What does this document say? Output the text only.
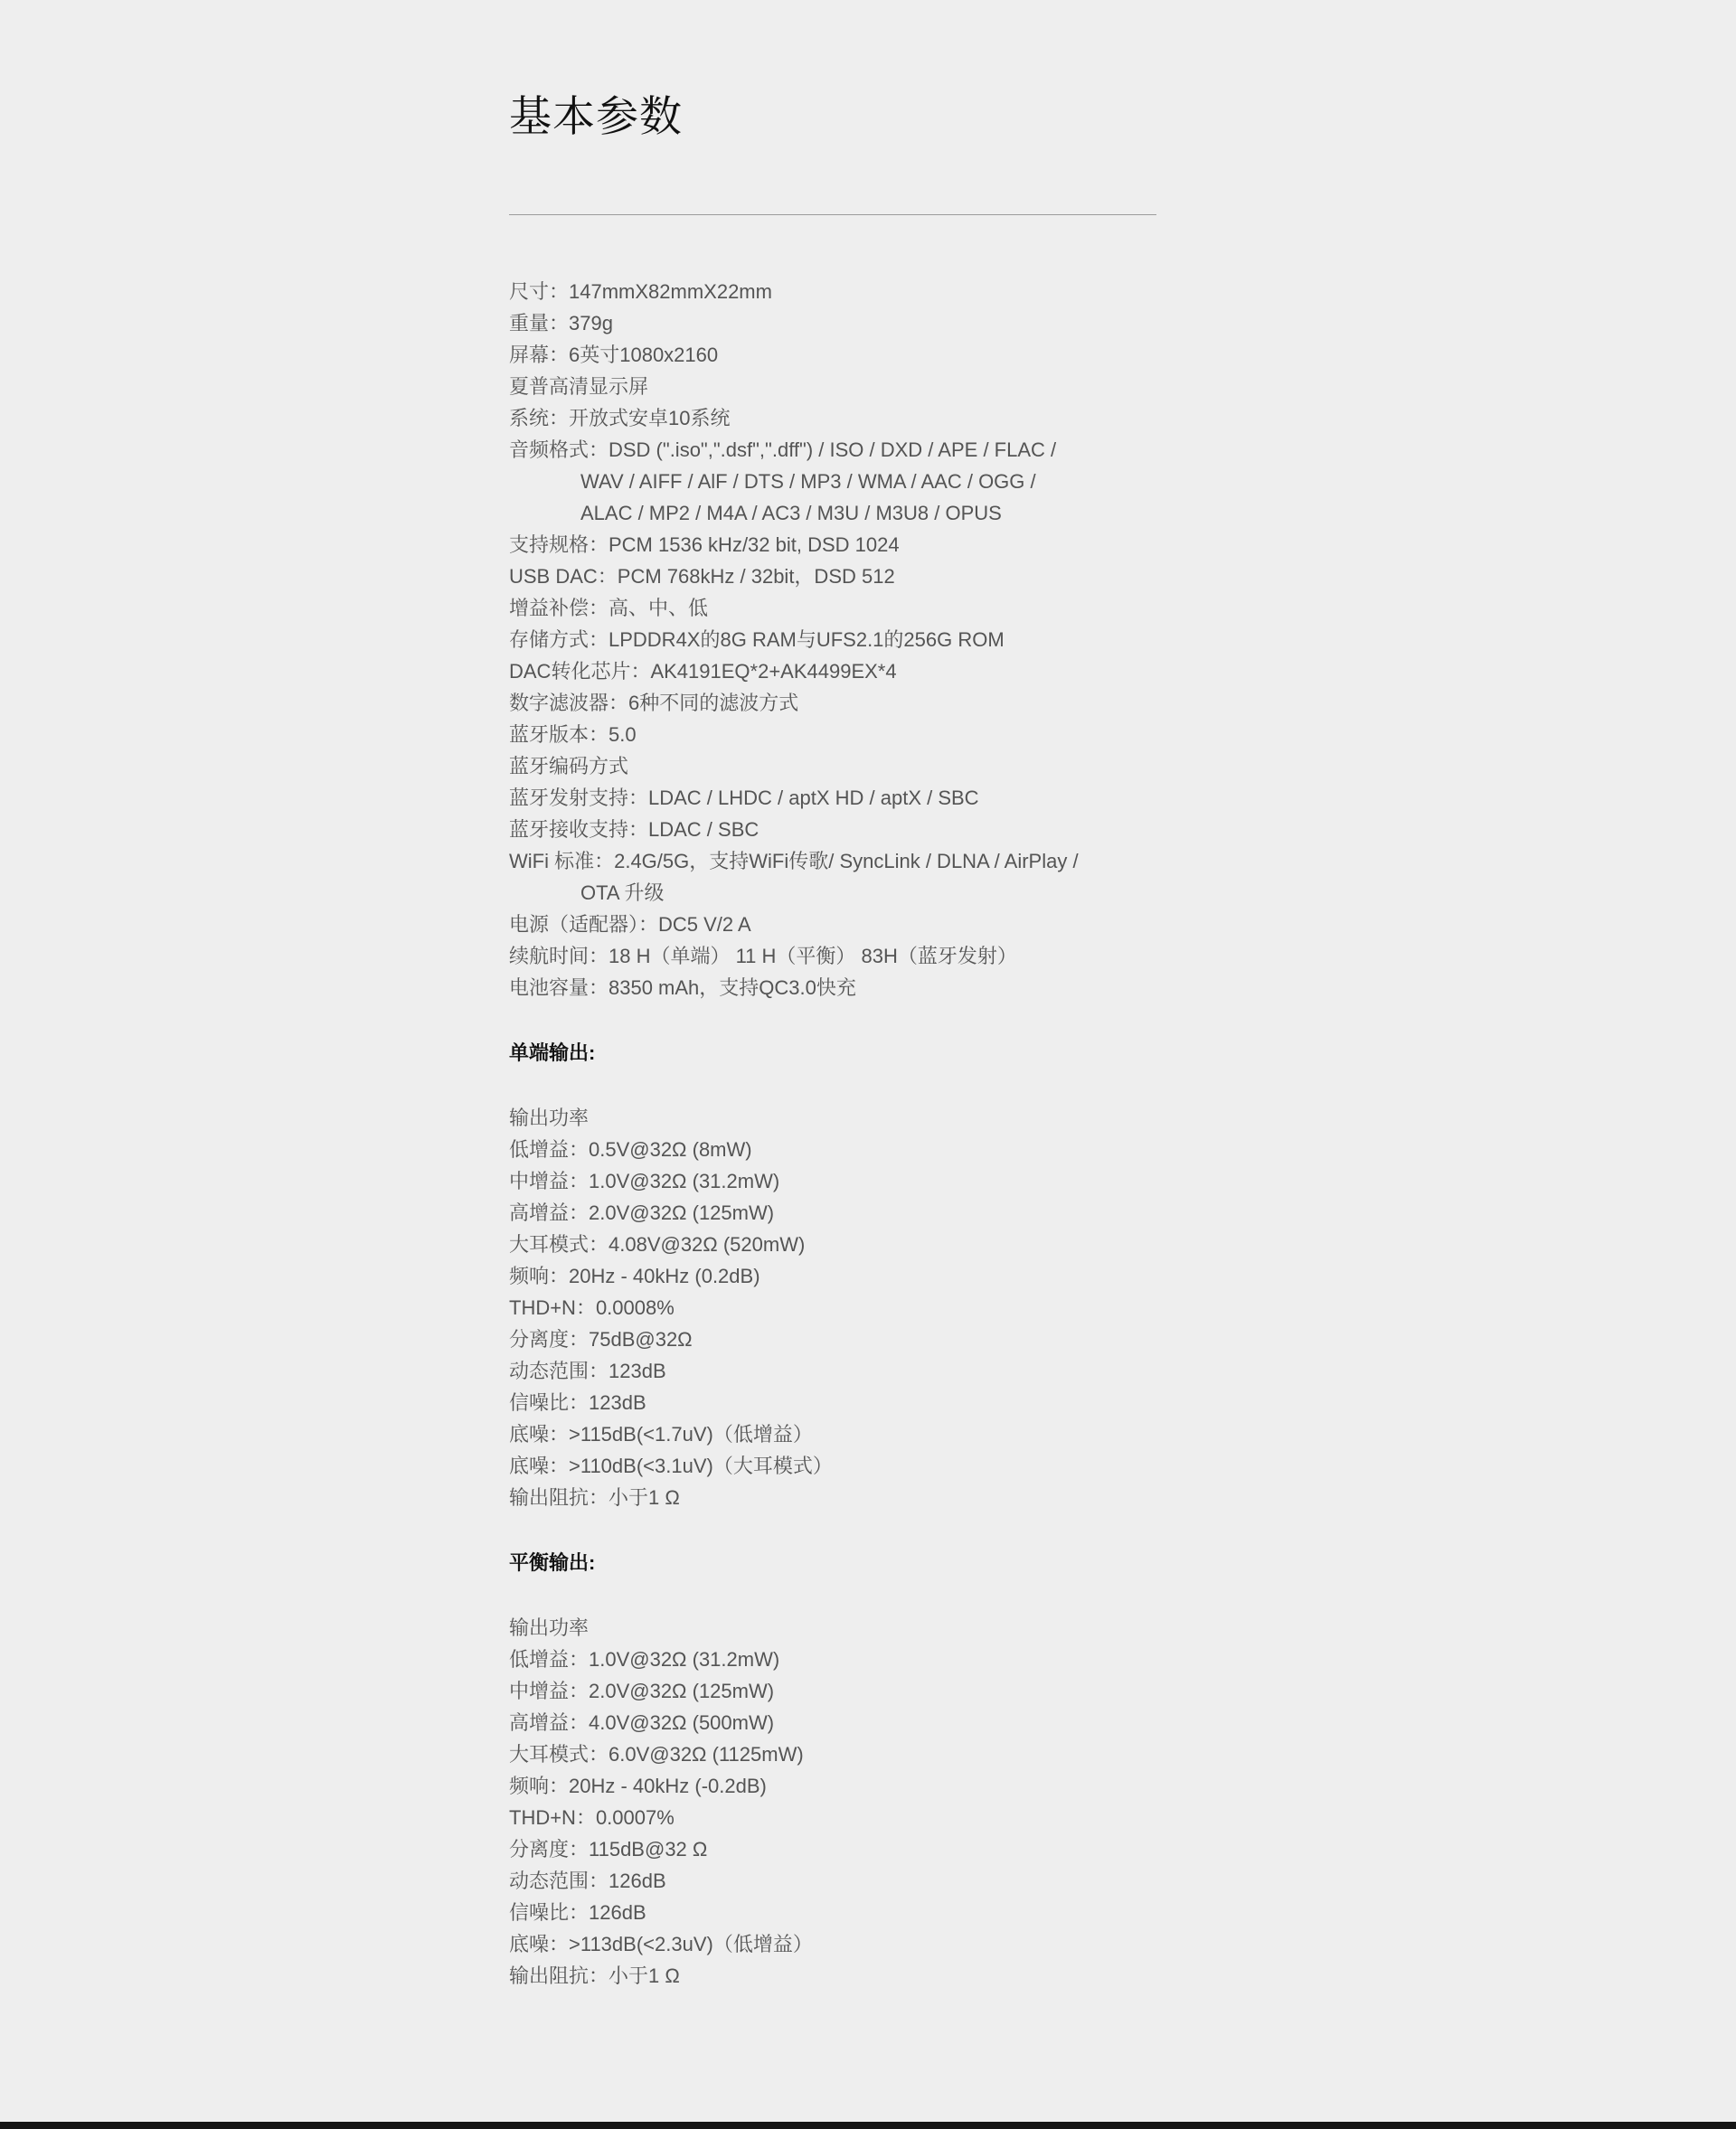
基本参数
尺寸：147mmX82mmX22mm
重量：379g
屏幕：6英寸1080x2160
夏普高清显示屏
系统：开放式安卓10系统
音频格式：DSD (".iso",".dsf",".dff") / ISO / DXD / APE / FLAC /
WAV / AIFF / AlF / DTS / MP3 / WMA / AAC / OGG /
ALAC / MP2 / M4A / AC3 / M3U / M3U8 / OPUS
支持规格：PCM 1536 kHz/32 bit, DSD 1024
USB DAC：PCM 768kHz / 32bit，DSD 512
增益补偿：高、中、低
存储方式：LPDDR4X的8G RAM与UFS2.1的256G ROM
DAC转化芯片：AK4191EQ*2+AK4499EX*4
数字滤波器：6种不同的滤波方式
蓝牙版本：5.0
蓝牙编码方式
蓝牙发射支持：LDAC / LHDC / aptX HD / aptX / SBC
蓝牙接收支持：LDAC / SBC
WiFi 标准：2.4G/5G，支持WiFi传歌/ SyncLink / DLNA / AirPlay /
OTA 升级
电源（适配器）：DC5 V/2 A
续航时间：18 H（单端） 11 H（平衡） 83H（蓝牙发射）
电池容量：8350 mAh，支持QC3.0快充
单端输出:
输出功率
低增益：0.5V@32Ω (8mW)
中增益：1.0V@32Ω (31.2mW)
高增益：2.0V@32Ω (125mW)
大耳模式：4.08V@32Ω (520mW)
频响：20Hz - 40kHz (0.2dB)
THD+N：0.0008%
分离度：75dB@32Ω
动态范围：123dB
信噪比：123dB
底噪：>115dB(<1.7uV)（低增益）
底噪：>110dB(<3.1uV)（大耳模式）
输出阻抗：小于1 Ω
平衡输出:
输出功率
低增益：1.0V@32Ω (31.2mW)
中增益：2.0V@32Ω (125mW)
高增益：4.0V@32Ω (500mW)
大耳模式：6.0V@32Ω (1125mW)
频响：20Hz - 40kHz (-0.2dB)
THD+N：0.0007%
分离度：115dB@32 Ω
动态范围：126dB
信噪比：126dB
底噪：>113dB(<2.3uV)（低增益）
输出阻抗：小于1 Ω
